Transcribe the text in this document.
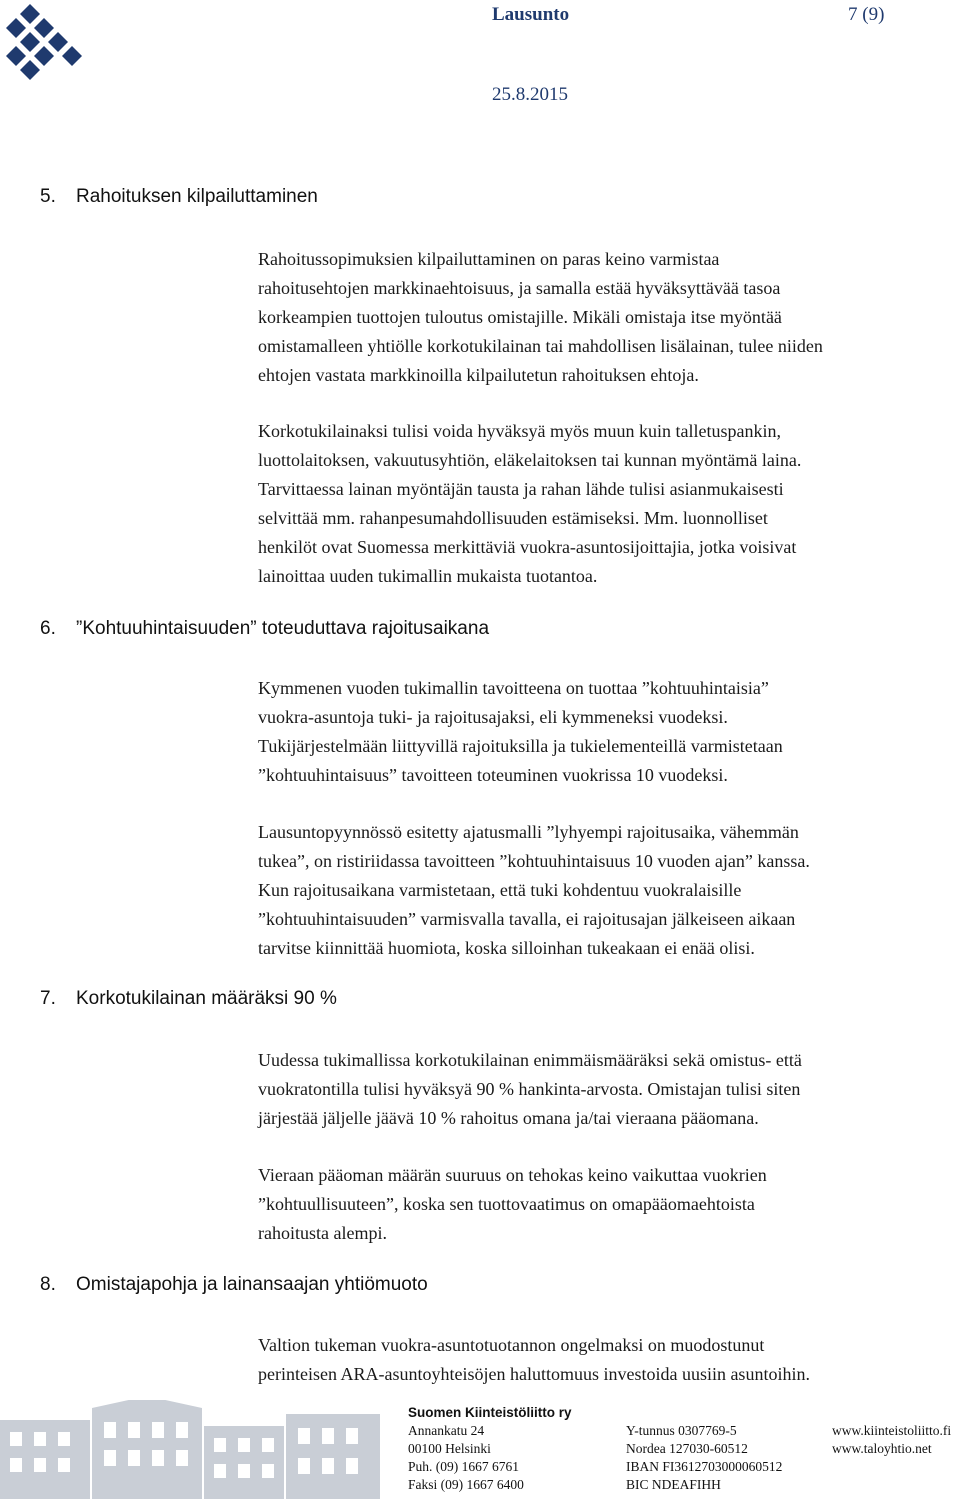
Lausunto	7 (9)
25.8.2015
5. Rahoituksen kilpailuttaminen
Rahoitussopimuksien kilpailuttaminen on paras keino varmistaa
rahoitusehtojen markkinaehtoisuus, ja samalla estää hyväksyttävää tasoa
korkeampien tuottojen tuloutus omistajille. Mikäli omistaja itse myöntää
omistamalleen yhtiölle korkotukilainan tai mahdollisen lisälainan, tulee niiden
ehtojen vastata markkinoilla kilpailutetun rahoituksen ehtoja.
Korkotukilainaksi tulisi voida hyväksyä myös muun kuin talletuspankin,
luottolaitoksen, vakuutusyhtiön, eläkelaitoksen tai kunnan myöntämä laina.
Tarvittaessa lainan myöntäjän tausta ja rahan lähde tulisi asianmukaisesti
selvittää mm. rahanpesumahdollisuuden estämiseksi. Mm. luonnolliset
henkilöt ovat Suomessa merkittäviä vuokra-asuntosijoittajia, jotka voisivat
lainoittaa uuden tukimallin mukaista tuotantoa.
6. ”Kohtuuhintaisuuden” toteuduttava rajoitusaikana
Kymmenen vuoden tukimallin tavoitteena on tuottaa ”kohtuuhintaisia”
vuokra-asuntoja tuki- ja rajoitusajaksi, eli kymmeneksi vuodeksi.
Tukijärjestelmään liittyvillä rajoituksilla ja tukielementeillä varmistetaan
”kohtuuhintaisuus” tavoitteen toteuminen vuokrissa 10 vuodeksi.
Lausuntopyynnössö esitetty ajatusmalli ”lyhyempi rajoitusaika, vähemmän
tukea”, on ristiriidassa tavoitteen ”kohtuuhintaisuus 10 vuoden ajan” kanssa.
Kun rajoitusaikana varmistetaan, että tuki kohdentuu vuokralaisille
”kohtuuhintaisuuden” varmisvalla tavalla, ei rajoitusajan jälkeiseen aikaan
tarvitse kiinnittää huomiota, koska silloinhan tukeakaan ei enää olisi.
7. Korkotukilainan määräksi 90 %
Uudessa tukimallissa korkotukilainan enimmäismääräksi sekä omistus- että
vuokratontilla tulisi hyväksyä 90 % hankinta-arvosta. Omistajan tulisi siten
järjestää jäljelle jäävä 10 % rahoitus omana ja/tai vieraana pääomana.
Vieraan pääoman määrän suuruus on tehokas keino vaikuttaa vuokrien
”kohtuullisuuteen”, koska sen tuottovaatimus on omapääomaehtoista
rahoitusta alempi.
8. Omistajapohja ja lainansaajan yhtiömuoto
Valtion tukeman vuokra-asuntotuotannon ongelmaksi on muodostunut
perinteisen ARA-asuntoyhteisöjen haluttomuus investoida uusiin asuntoihin.
Suomen Kiinteistöliitto ry
Annankatu 24
00100 Helsinki
Puh. (09) 1667 6761
Faksi (09) 1667 6400
Y-tunnus 0307769-5
Nordea 127030-60512
IBAN FI3612703000060512
BIC NDEAFIHH
www.kiinteistoliitto.fi
www.taloyhtio.net
